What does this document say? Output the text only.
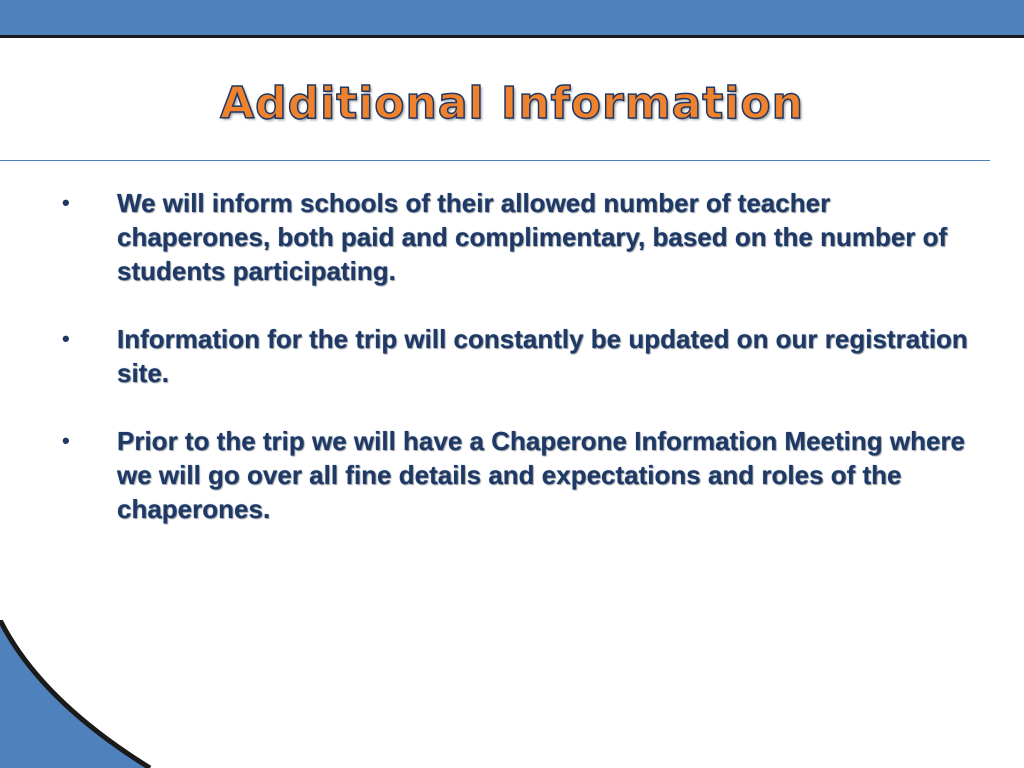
Additional Information
• We will inform schools of their allowed number of teacher chaperones, both paid and complimentary, based on the number of students participating.
• Information for the trip will constantly be updated on our registration site.
• Prior to the trip we will have a Chaperone Information Meeting where we will go over all fine details and expectations and roles of the chaperones.
